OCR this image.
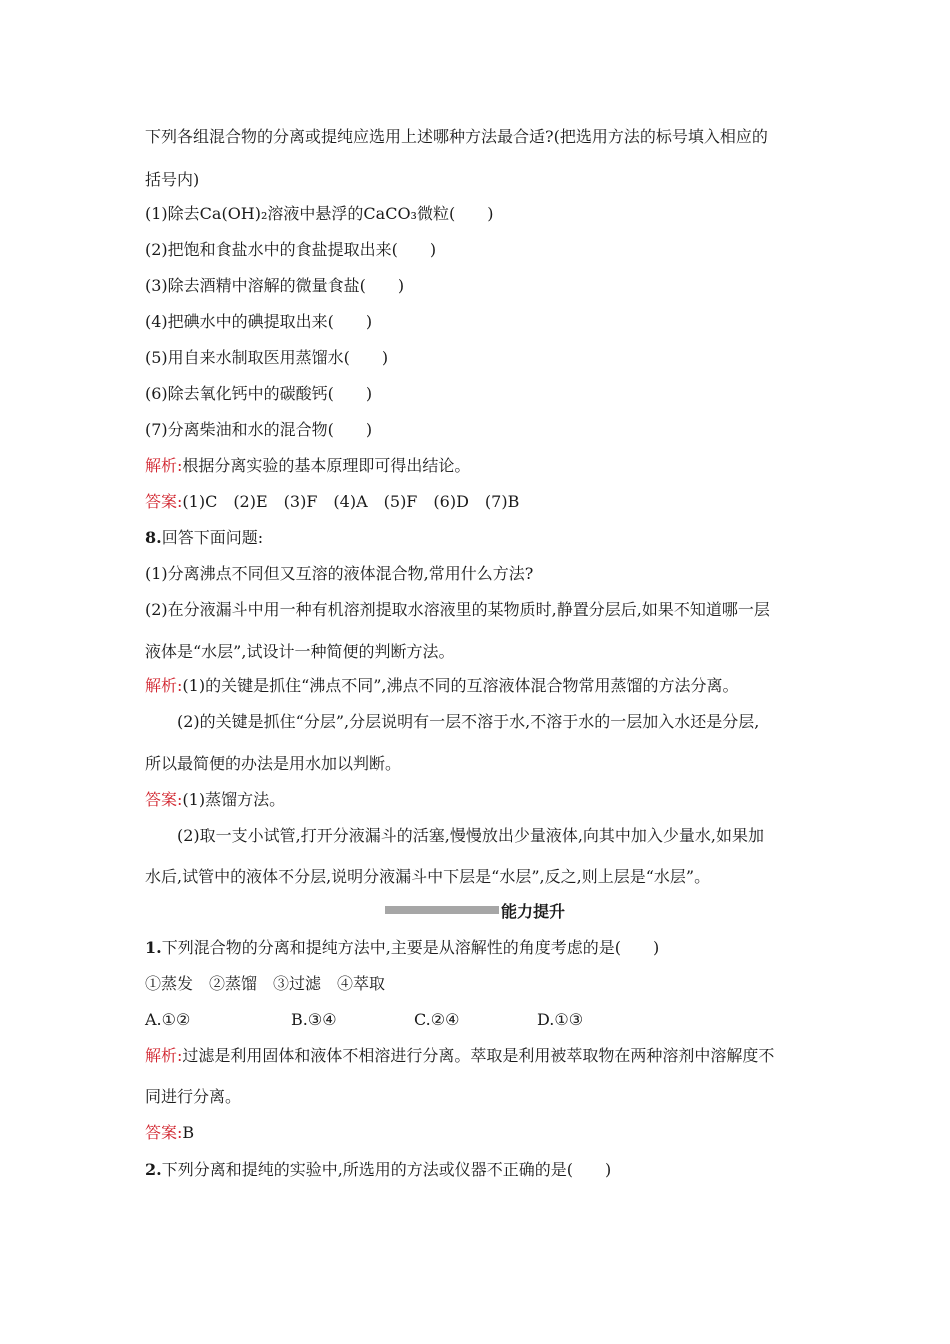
下列各组混合物的分离或提纯应选用上述哪种方法最合适?(把选用方法的标号填入相应的
括号内)
(1)除去Ca(OH)₂溶液中悬浮的CaCO₃微粒(　　)
(2)把饱和食盐水中的食盐提取出来(　　)
(3)除去酒精中溶解的微量食盐(　　)
(4)把碘水中的碘提取出来(　　)
(5)用自来水制取医用蒸馏水(　　)
(6)除去氧化钙中的碳酸钙(　　)
(7)分离柴油和水的混合物(　　)
解析:根据分离实验的基本原理即可得出结论。
答案:(1)C　(2)E　(3)F　(4)A　(5)F　(6)D　(7)B
8.回答下面问题:
(1)分离沸点不同但又互溶的液体混合物,常用什么方法?
(2)在分液漏斗中用一种有机溶剂提取水溶液里的某物质时,静置分层后,如果不知道哪一层
液体是“水层”,试设计一种简便的判断方法。
解析:(1)的关键是抓住“沸点不同”,沸点不同的互溶液体混合物常用蒸馏的方法分离。
(2)的关键是抓住“分层”,分层说明有一层不溶于水,不溶于水的一层加入水还是分层,
所以最简便的办法是用水加以判断。
答案:(1)蒸馏方法。
(2)取一支小试管,打开分液漏斗的活塞,慢慢放出少量液体,向其中加入少量水,如果加
水后,试管中的液体不分层,说明分液漏斗中下层是“水层”,反之,则上层是“水层”。
能力提升
1.下列混合物的分离和提纯方法中,主要是从溶解性的角度考虑的是(　　)
①蒸发　②蒸馏　③过滤　④萃取
A.①②	B.③④	C.②④	D.①③
解析:过滤是利用固体和液体不相溶进行分离。萃取是利用被萃取物在两种溶剂中溶解度不
同进行分离。
答案:B
2.下列分离和提纯的实验中,所选用的方法或仪器不正确的是(　　)
